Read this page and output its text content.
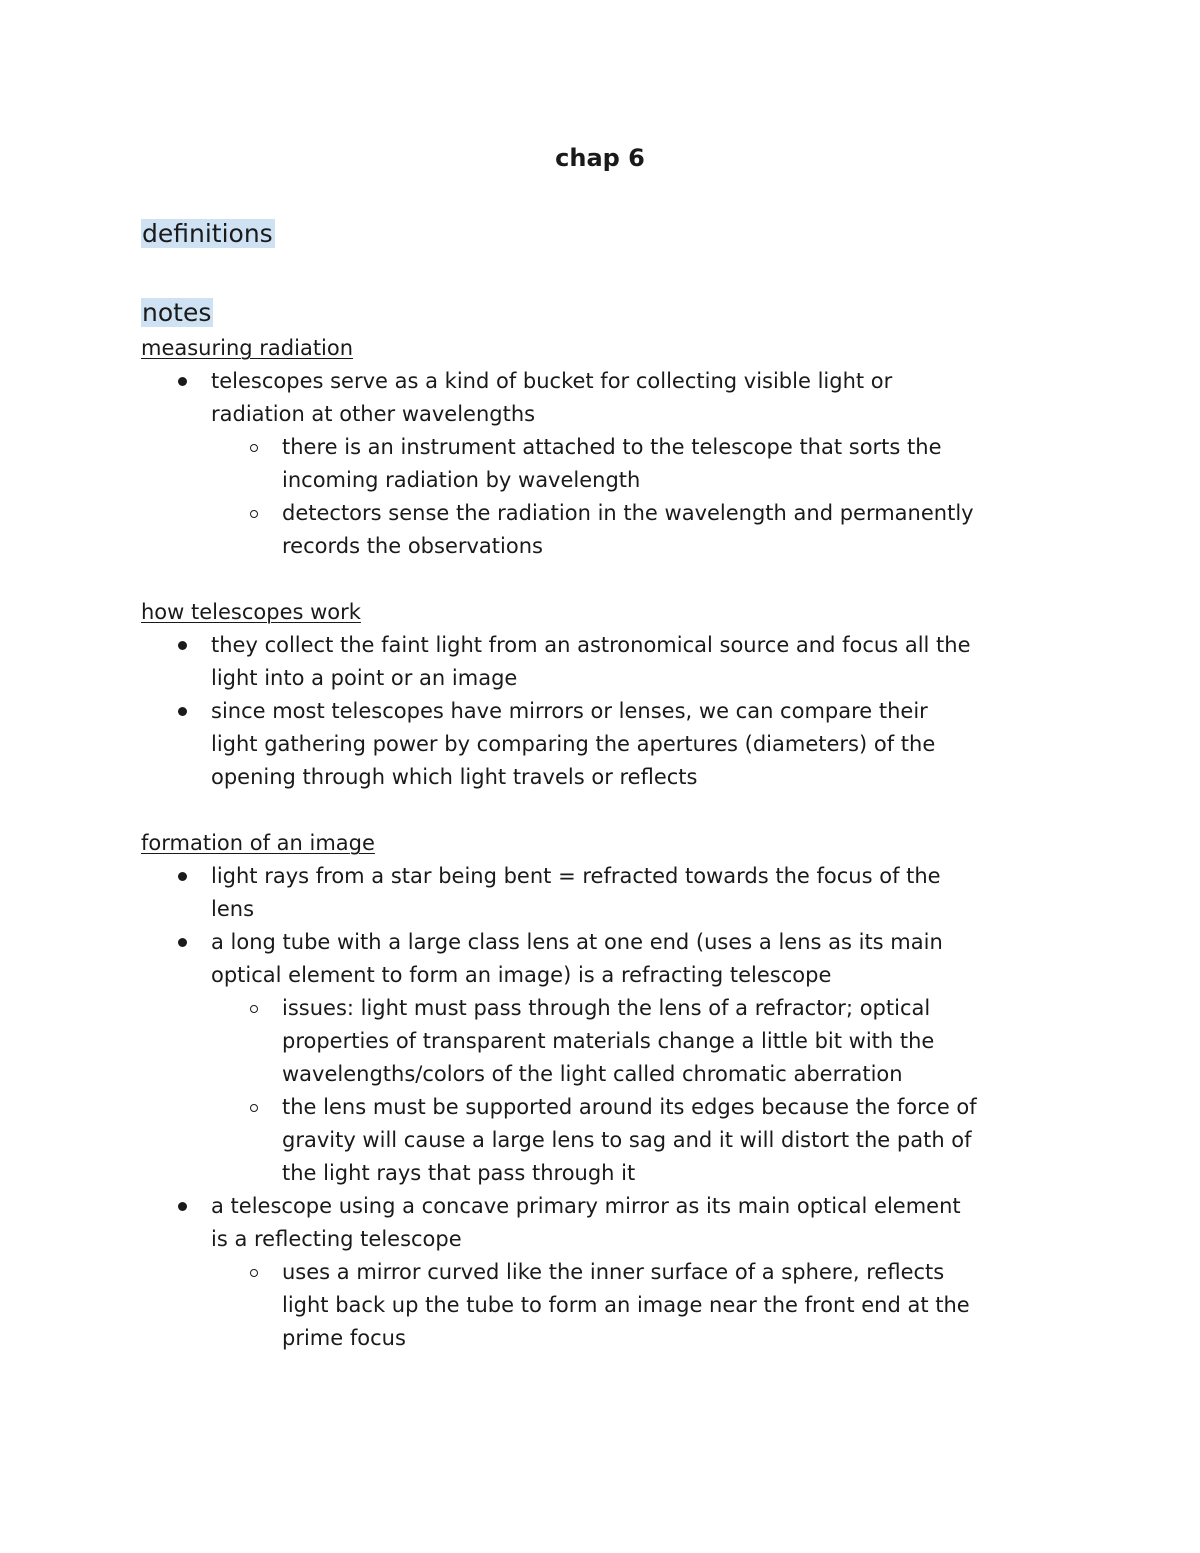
chap 6
definitions
notes
measuring radiation
telescopes serve as a kind of bucket for collecting visible light or
radiation at other wavelengths
there is an instrument attached to the telescope that sorts the
incoming radiation by wavelength
detectors sense the radiation in the wavelength and permanently
records the observations
how telescopes work
they collect the faint light from an astronomical source and focus all the
light into a point or an image
since most telescopes have mirrors or lenses, we can compare their
light gathering power by comparing the apertures (diameters) of the
opening through which light travels or reflects
formation of an image
light rays from a star being bent = refracted towards the focus of the
lens
a long tube with a large class lens at one end (uses a lens as its main
optical element to form an image) is a refracting telescope
issues: light must pass through the lens of a refractor; optical
properties of transparent materials change a little bit with the
wavelengths/colors of the light called chromatic aberration
the lens must be supported around its edges because the force of
gravity will cause a large lens to sag and it will distort the path of
the light rays that pass through it
a telescope using a concave primary mirror as its main optical element
is a reflecting telescope
uses a mirror curved like the inner surface of a sphere, reflects
light back up the tube to form an image near the front end at the
prime focus
